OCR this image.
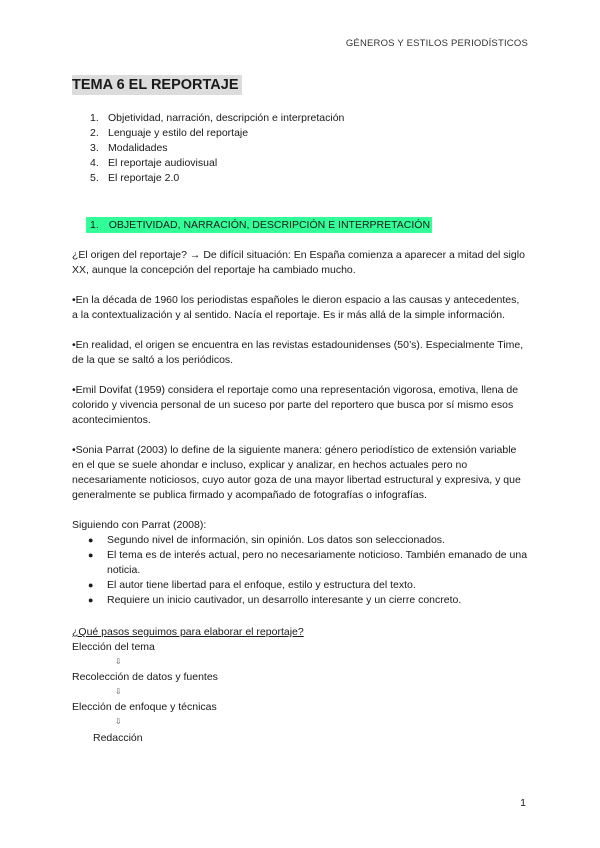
GÉNEROS Y ESTILOS PERIODÍSTICOS
TEMA 6 EL REPORTAJE
1. Objetividad, narración, descripción e interpretación
2. Lenguaje y estilo del reportaje
3. Modalidades
4. El reportaje audiovisual
5. El reportaje 2.0
1. OBJETIVIDAD, NARRACIÓN, DESCRIPCIÓN E INTERPRETACIÓN

¿El origen del reportaje? → De difícil situación: En España comienza a aparecer a mitad del siglo XX, aunque la concepción del reportaje ha cambiado mucho.

•En la década de 1960 los periodistas españoles le dieron espacio a las causas y antecedentes, a la contextualización y al sentido. Nacía el reportaje. Es ir más allá de la simple información.

•En realidad, el origen se encuentra en las revistas estadounidenses (50’s). Especialmente Time, de la que se saltó a los periódicos.

•Emil Dovifat (1959) considera el reportaje como una representación vigorosa, emotiva, llena de colorido y vivencia personal de un suceso por parte del reportero que busca por sí mismo esos acontecimientos.

•Sonia Parrat (2003) lo define de la siguiente manera: género periodístico de extensión variable en el que se suele ahondar e incluso, explicar y analizar, en hechos actuales pero no necesariamente noticiosos, cuyo autor goza de una mayor libertad estructural y expresiva, y que generalmente se publica firmado y acompañado de fotografías o infografías.

Siguiendo con Parrat (2008):

●	Segundo nivel de información, sin opinión. Los datos son seleccionados.
●	El tema es de interés actual, pero no necesariamente noticioso. También emanado de una noticia.
●	El autor tiene libertad para el enfoque, estilo y estructura del texto.
●	Requiere un inicio cautivador, un desarrollo interesante y un cierre concreto.
¿Qué pasos seguimos para elaborar el reportaje?
Elección del tema
⇩
Recolección de datos y fuentes
⇩
Elección de enfoque y técnicas
⇩
Redacción
1
